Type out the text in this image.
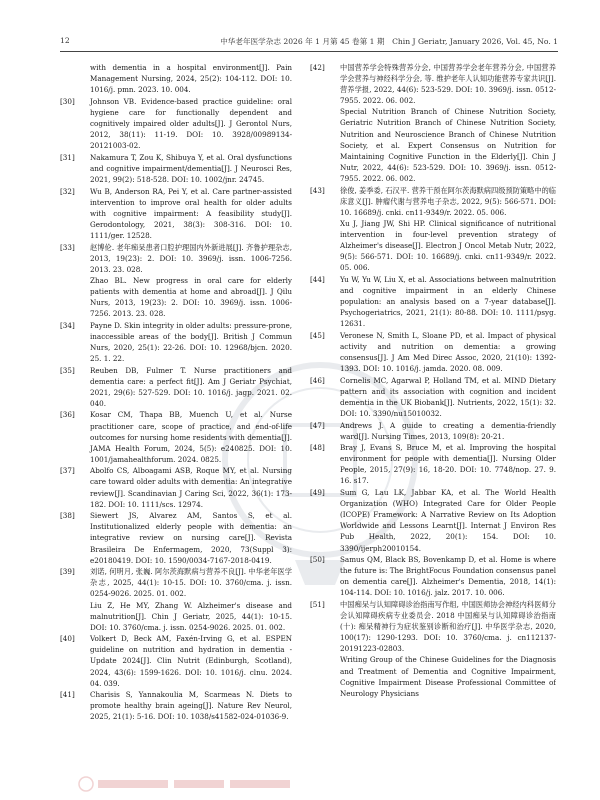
12	中华老年医学杂志 2026 年 1 月第 45 卷第 1 期　Chin J Geriatr, January 2026, Vol. 45, No. 1
with dementia in a hospital environment[J]. Pain Management Nursing, 2024, 25(2): 104-112. DOI: 10. 1016/j. pmn. 2023. 10. 004.
[30]	Johnson VB. Evidence-based practice guideline: oral hygiene care for functionally dependent and cognitively impaired older adults[J]. J Gerontol Nurs, 2012, 38(11): 11-19. DOI: 10. 3928/00989134-20121003-02.
[31]	Nakamura T, Zou K, Shibuya Y, et al. Oral dysfunctions and cognitive impairment/dementia[J]. J Neurosci Res, 2021, 99(2): 518-528. DOI: 10. 1002/jnr. 24745.
[32]	Wu B, Anderson RA, Pei Y, et al. Care partner-assisted intervention to improve oral health for older adults with cognitive impairment: A feasibility study[J]. Gerodontology, 2021, 38(3): 308-316. DOI: 10. 1111/ger. 12528.
[33]	赵博伦. 老年痴呆患者口腔护理国内外新进展[J]. 齐鲁护理杂志, 2013, 19(23): 2. DOI: 10. 3969/j. issn. 1006-7256. 2013. 23. 028.
Zhao BL. New progress in oral care for elderly patients with dementia at home and abroad[J]. J Qilu Nurs, 2013, 19(23): 2. DOI: 10. 3969/j. issn. 1006-7256. 2013. 23. 028.
[34]	Payne D. Skin integrity in older adults: pressure-prone, inaccessible areas of the body[J]. British J Commun Nurs, 2020, 25(1): 22-26. DOI: 10. 12968/bjcn. 2020. 25. 1. 22.
[35]	Reuben DB, Fulmer T. Nurse practitioners and dementia care: a perfect fit[J]. Am J Geriatr Psychiat, 2021, 29(6): 527-529. DOI: 10. 1016/j. jagp. 2021. 02. 040.
[36]	Kosar CM, Thapa BB, Muench U, et al. Nurse practitioner care, scope of practice, and end-of-life outcomes for nursing home residents with dementia[J]. JAMA Health Forum, 2024, 5(5): e240825. DOI: 10. 1001/jamahealthforum. 2024. 0825.
[37]	Abolfo CS, Alboagami ASB, Roque MY, et al. Nursing care toward older adults with dementia: An integrative review[J]. Scandinavian J Caring Sci, 2022, 36(1): 173-182. DOI: 10. 1111/scs. 12974.
[38]	Siewert JS, Alvarez AM, Santos S, et al. Institutionalized elderly people with dementia: an integrative review on nursing care[J]. Revista Brasileira De Enfermagem, 2020, 73(Suppl 3): e20180419. DOI: 10. 1590/0034-7167-2018-0419.
[39]	刘诺, 何明月, 张巍. 阿尔茨海默病与营养不良[J]. 中华老年医学杂志, 2025, 44(1): 10-15. DOI: 10. 3760/cma. j. issn. 0254-9026. 2025. 01. 002.
Liu Z, He MY, Zhang W. Alzheimer's disease and malnutrition[J]. Chin J Geriatr, 2025, 44(1): 10-15. DOI: 10. 3760/cma. j. issn. 0254-9026. 2025. 01. 002.
[40]	Volkert D, Beck AM, Faxén-Irving G, et al. ESPEN guideline on nutrition and hydration in dementia - Update 2024[J]. Clin Nutrit (Edinburgh, Scotland), 2024, 43(6): 1599-1626. DOI: 10. 1016/j. clnu. 2024. 04. 039.
[41]	Charisis S, Yannakoulia M, Scarmeas N. Diets to promote healthy brain ageing[J]. Nature Rev Neurol, 2025, 21(1): 5-16. DOI: 10. 1038/s41582-024-01036-9.
[42]	中国营养学会特殊营养分会, 中国营养学会老年营养分会, 中国营养学会营养与神经科学分会, 等. 维护老年人认知功能营养专家共识[J]. 营养学报, 2022, 44(6): 523-529. DOI: 10. 3969/j. issn. 0512-7955. 2022. 06. 002.
Special Nutrition Branch of Chinese Nutrition Society, Geriatric Nutrition Branch of Chinese Nutrition Society, Nutrition and Neuroscience Branch of Chinese Nutrition Society, et al. Expert Consensus on Nutrition for Maintaining Cognitive Function in the Elderly[J]. Chin J Nutr, 2022, 44(6): 523-529. DOI: 10. 3969/j. issn. 0512-7955. 2022. 06. 002.
[43]	徐俊, 姜季委, 石汉平. 营养干预在阿尔茨海默病四级预防策略中的临床意义[J]. 肿瘤代谢与营养电子杂志, 2022, 9(5): 566-571. DOI: 10. 16689/j. cnki. cn11-9349/r. 2022. 05. 006.
Xu J, Jiang JW, Shi HP. Clinical significance of nutritional intervention in four-level prevention strategy of Alzheimer's disease[J]. Electron J Oncol Metab Nutr, 2022, 9(5): 566-571. DOI: 10. 16689/j. cnki. cn11-9349/r. 2022. 05. 006.
[44]	Yu W, Yu W, Liu X, et al. Associations between malnutrition and cognitive impairment in an elderly Chinese population: an analysis based on a 7-year database[J]. Psychogeriatrics, 2021, 21(1): 80-88. DOI: 10. 1111/psyg. 12631.
[45]	Veronese N, Smith L, Sloane PD, et al. Impact of physical activity and nutrition on dementia: a growing consensus[J]. J Am Med Direc Assoc, 2020, 21(10): 1392-1393. DOI: 10. 1016/j. jamda. 2020. 08. 009.
[46]	Cornelis MC, Agarwal P, Holland TM, et al. MIND Dietary pattern and its association with cognition and incident dementia in the UK Biobank[J]. Nutrients, 2022, 15(1): 32. DOI: 10. 3390/nu15010032.
[47]	Andrews J. A guide to creating a dementia-friendly ward[J]. Nursing Times, 2013, 109(8): 20-21.
[48]	Bray J, Evans S, Bruce M, et al. Improving the hospital environment for people with dementia[J]. Nursing Older People, 2015, 27(9): 16, 18-20. DOI: 10. 7748/nop. 27. 9. 16. s17.
[49]	Sum G, Lau LK, Jabbar KA, et al. The World Health Organization (WHO) Integrated Care for Older People (ICOPE) Framework: A Narrative Review on Its Adoption Worldwide and Lessons Learnt[J]. Internat J Environ Res Pub Health, 2022, 20(1): 154. DOI: 10. 3390/ijerph20010154.
[50]	Samus QM, Black BS, Bovenkamp D, et al. Home is where the future is: The BrightFocus Foundation consensus panel on dementia care[J]. Alzheimer's Dementia, 2018, 14(1): 104-114. DOI: 10. 1016/j. jalz. 2017. 10. 006.
[51]	中国痴呆与认知障碍诊治指南写作组, 中国医师协会神经内科医师分会认知障碍疾病专业委员会. 2018 中国痴呆与认知障碍诊治指南(十): 痴呆精神行为症状鉴别诊断和治疗[J]. 中华医学杂志, 2020, 100(17): 1290-1293. DOI: 10. 3760/cma. j. cn112137-20191223-02803.
Writing Group of the Chinese Guidelines for the Diagnosis and Treatment of Dementia and Cognitive Impairment, Cognitive Impairment Disease Professional Committee of Neurology Physicians
